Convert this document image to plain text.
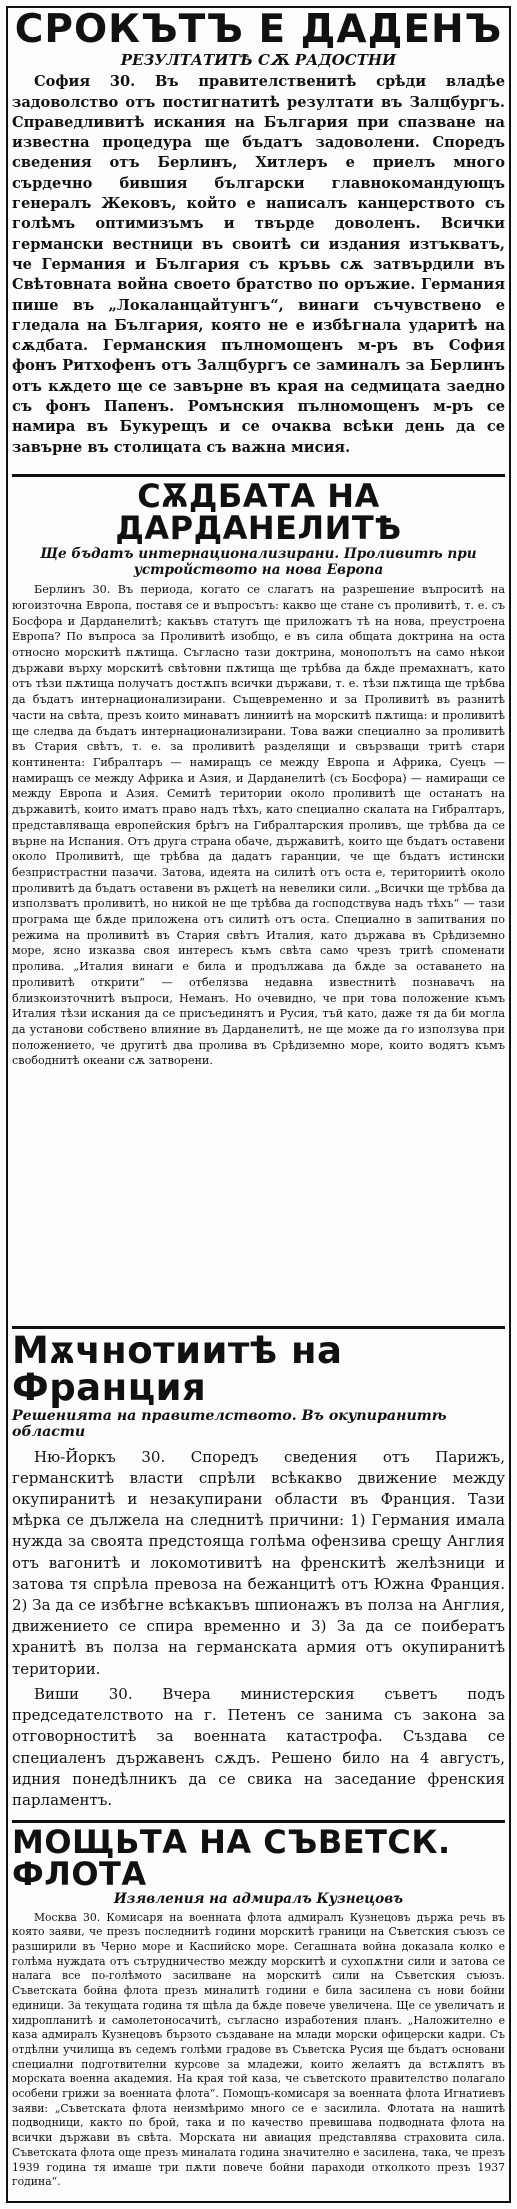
СРОКЪТЪ Е ДАДЕНЪ
РЕЗУЛТАТИТѢ СѪ РАДОСТНИ

София 30. Въ правителственитѣ срѣди владѣе задоволство отъ постигнатитѣ резултати въ Залцбургъ. Справедливитѣ искания на България при спазване на известна процедура ще бъдатъ задоволени. Споредъ сведения отъ Берлинъ, Хитлеръ е приелъ много сърдечно бившия български главнокомандующъ генералъ Жековъ, който е написалъ канцерството съ голѣмъ оптимизъмъ и твърде доволенъ. Всички германски вестници въ своитѣ си издания изтъкватъ, че Германия и България съ кръвь сѫ затвърдили въ Свѣтовната война своето братство по оръжие. Германия пише въ „Локаланцайтунгъ“, винаги съчувствено е гледала на България, която не е избѣгнала ударитѣ на сѫдбата. Германския пълномощенъ м-ръ въ София фонъ Ритхофенъ отъ Залцбургъ се заминалъ за Берлинъ отъ кѫдето ще се завърне въ края на седмицата заедно съ фонъ Папенъ. Ромънския пълномощенъ м-ръ се намира въ Букурещъ и се очаква всѣки день да се завърне въ столицата съ важна мисия.

СѪДБАТА НА ДАРДАНЕЛИТѢ
Ще бъдатъ интернационализирани. Проливитѣ при устройството на нова Европа

Берлинъ 30. Въ периода, когато се слагатъ на разрешение въпроситѣ на югоизточна Европа, поставя се и въпросътъ: какво ще стане съ проливитѣ, т. е. съ Босфора и Дарданелитѣ; какъвъ статутъ ще приложатъ тѣ на нова, преустроена Европа? По въпроса за Проливитѣ изобщо, е въ сила общата доктрина на оста относно морскитѣ пѫтища. Съгласно тази доктрина, монополътъ на само нѣкои държави върху морскитѣ свѣтовни пѫтища ще трѣбва да бѫде премахнатъ, като отъ тѣзи пѫтища получатъ достѫпъ всички държави, т. е. тѣзи пѫтища ще трѣбва да бъдатъ интернационализирани. Същевременно и за Проливитѣ въ разнитѣ части на свѣта, презъ които минаватъ линиитѣ на морскитѣ пѫтища: и проливитѣ ще следва да бъдатъ интернационализирани. Това важи специално за проливитѣ въ Стария свѣтъ, т. е. за проливитѣ разделящи и свързващи тритѣ стари континента: Гибралтаръ — намиращъ се между Европа и Африка, Суецъ — намиращъ се между Африка и Азия, и Дарданелитѣ (съ Босфора) — намиращи се между Европа и Азия. Семитѣ територии около проливитѣ ще останатъ на държавитѣ, които иматъ право надъ тѣхъ, като специално скалата на Гибралтаръ, представляваща европейския брѣгъ на Гибралтарския проливъ, ще трѣбва да се върне на Испания. Отъ друга страна обаче, държавитѣ, които ще бъдатъ оставени около Проливитѣ, ще трѣбва да дадатъ гаранции, че ще бъдатъ истински безпристрастни пазачи. Затова, идеята на силитѣ отъ оста е, териториитѣ около проливитѣ да бъдатъ оставени въ рѫцетѣ на невелики сили. „Всички ще трѣбва да използватъ проливитѣ, но никой не ще трѣбва да господствува надъ тѣхъ“ — тази програма ще бѫде приложена отъ силитѣ отъ оста. Специално в запитвания по режима на проливитѣ въ Стария свѣтъ Италия, като държава въ Срѣдиземно море, ясно изказва своя интересъ къмъ свѣта само чрезъ тритѣ споменати пролива. „Италия винаги е била и продължава да бѫде за оставането на проливитѣ открити“ — отбелязва недавна известнитѣ познавачъ на близкоизточнитѣ въпроси, Неманъ. Но очевидно, че при това положение къмъ Италия тѣзи искания да се присъединятъ и Русия, тъй като, даже тя да би могла да установи собствено влияние въ Дарданелитѣ, не ще може да го използува при положението, че другитѣ два пролива въ Срѣдиземно море, които водятъ къмъ свободнитѣ океани сѫ затворени.

Мѫчнотиитѣ на Франция
Решенията на правителството. Въ окупиранитѣ области

Ню-Йоркъ 30. Споредъ сведения отъ Парижъ, германскитѣ власти спрѣли всѣкакво движение между окупиранитѣ и незакупирани области въ Франция. Тази мѣрка се дължела на следнитѣ причини: 1) Германия имала нужда за своята предстояща голѣма офензива срещу Англия отъ вагонитѣ и локомотивитѣ на френскитѣ желѣзници и затова тя спрѣла превоза на бежанцитѣ отъ Южна Франция. 2) За да се избѣгне всѣкакъвъ шпионажъ въ полза на Англия, движението се спира временно и 3) За да се поибератъ хранитѣ въ полза на германската армия отъ окупиранитѣ територии.

Виши 30. Вчера министерския съветъ подъ председателството на г. Петенъ се занима съ закона за отговорноститѣ за военната катастрофа. Създава се специаленъ държавенъ сѫдъ. Решено било на 4 августъ, идния понедѣлникъ да се свика на заседание френския парламентъ.

МОЩЬТА НА СЪВЕТСК. ФЛОТА
Изявления на адмиралъ Кузнецовъ

Москва 30. Комисаря на военната флота адмиралъ Кузнецовъ държа речь въ която заяви, че презъ последнитѣ години морскитѣ граници на Съветския съюзъ се разширили въ Черно море и Каспийско море. Сегашната война доказала колко е голѣма нуждата отъ сътрудничество между морскитѣ и сухопѫтни сили и затова се налага все по-голѣмото засилване на морскитѣ сили на Съветския съюзъ. Съветската бойна флота презъ миналитѣ години е била засилена съ нови бойни единици. За текущата година тя щѣла да бѫде повече увеличена. Ще се увеличатъ и хидропланитѣ и самолетоносачитѣ, съгласно изработения планъ. „Наложително е каза адмиралъ Кузнецовъ бързото създаване на млади морски офицерски кадри. Съ отдѣлни училища въ седемъ голѣми градове въ Съветска Русия ще бъдатъ основани специални подготвителни курсове за младежи, които желаятъ да встѫпятъ въ морската военна академия. На края той каза, че съветското правителство полагало особени грижи за военната флота“. Помощъ-комисаря за военната флота Игнатиевъ заяви: „Съветската флота неизмѣримо много се е засилила. Флотата на нашитѣ подводници, както по брой, така и по качество превишава подводната флота на всички държави въ свѣта. Морската ни авиация представлява страховита сила. Съветската флота още презъ миналата година значително е засилена, така, че презъ 1939 година тя имаше три пѫти повече бойни параходи отколкото презъ 1937 година“.
